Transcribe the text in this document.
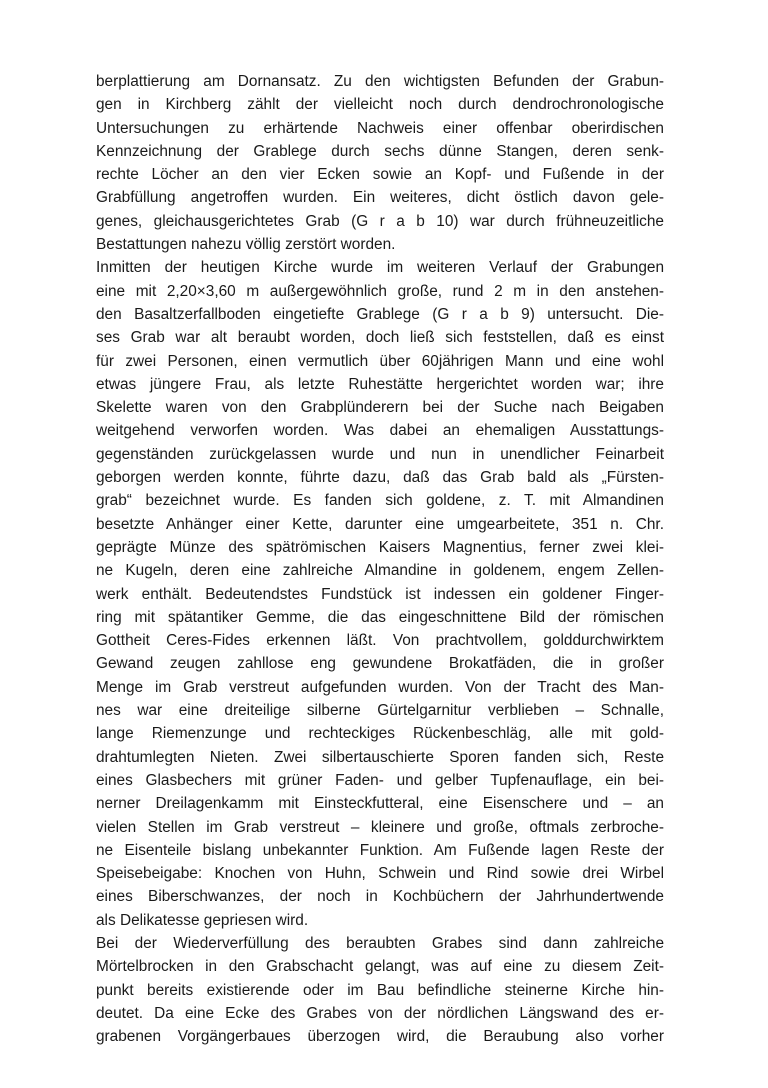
berplattierung am Dornansatz. Zu den wichtigsten Befunden der Grabun-
gen in Kirchberg zählt der vielleicht noch durch dendrochronologische
Untersuchungen zu erhärtende Nachweis einer offenbar oberirdischen
Kennzeichnung der Grablege durch sechs dünne Stangen, deren senk-
rechte Löcher an den vier Ecken sowie an Kopf- und Fußende in der
Grabfüllung angetroffen wurden. Ein weiteres, dicht östlich davon gele-
genes, gleichausgerichtetes Grab (G r a b 10) war durch frühneuzeitliche
Bestattungen nahezu völlig zerstört worden.
Inmitten der heutigen Kirche wurde im weiteren Verlauf der Grabungen
eine mit 2,20×3,60 m außergewöhnlich große, rund 2 m in den anstehen-
den Basaltzerfallboden eingetiefte Grablege (G r a b 9) untersucht. Die-
ses Grab war alt beraubt worden, doch ließ sich feststellen, daß es einst
für zwei Personen, einen vermutlich über 60jährigen Mann und eine wohl
etwas jüngere Frau, als letzte Ruhestätte hergerichtet worden war; ihre
Skelette waren von den Grabplünderern bei der Suche nach Beigaben
weitgehend verworfen worden. Was dabei an ehemaligen Ausstattungs-
gegenständen zurückgelassen wurde und nun in unendlicher Feinarbeit
geborgen werden konnte, führte dazu, daß das Grab bald als „Fürsten-
grab“ bezeichnet wurde. Es fanden sich goldene, z. T. mit Almandinen
besetzte Anhänger einer Kette, darunter eine umgearbeitete, 351 n. Chr.
geprägte Münze des spätrömischen Kaisers Magnentius, ferner zwei klei-
ne Kugeln, deren eine zahlreiche Almandine in goldenem, engem Zellen-
werk enthält. Bedeutendstes Fundstück ist indessen ein goldener Finger-
ring mit spätantiker Gemme, die das eingeschnittene Bild der römischen
Gottheit Ceres-Fides erkennen läßt. Von prachtvollem, golddurchwirktem
Gewand zeugen zahllose eng gewundene Brokatfäden, die in großer
Menge im Grab verstreut aufgefunden wurden. Von der Tracht des Man-
nes war eine dreiteilige silberne Gürtelgarnitur verblieben – Schnalle,
lange Riemenzunge und rechteckiges Rückenbeschläg, alle mit gold-
drahtumlegten Nieten. Zwei silbertauschierte Sporen fanden sich, Reste
eines Glasbechers mit grüner Faden- und gelber Tupfenauflage, ein bei-
nerner Dreilagenkamm mit Einsteckfutteral, eine Eisenschere und – an
vielen Stellen im Grab verstreut – kleinere und große, oftmals zerbroche-
ne Eisenteile bislang unbekannter Funktion. Am Fußende lagen Reste der
Speisebeigabe: Knochen von Huhn, Schwein und Rind sowie drei Wirbel
eines Biberschwanzes, der noch in Kochbüchern der Jahrhundertwende
als Delikatesse gepriesen wird.
Bei der Wiederverfüllung des beraubten Grabes sind dann zahlreiche
Mörtelbrocken in den Grabschacht gelangt, was auf eine zu diesem Zeit-
punkt bereits existierende oder im Bau befindliche steinerne Kirche hin-
deutet. Da eine Ecke des Grabes von der nördlichen Längswand des er-
grabenen Vorgängerbaues überzogen wird, die Beraubung also vorher
